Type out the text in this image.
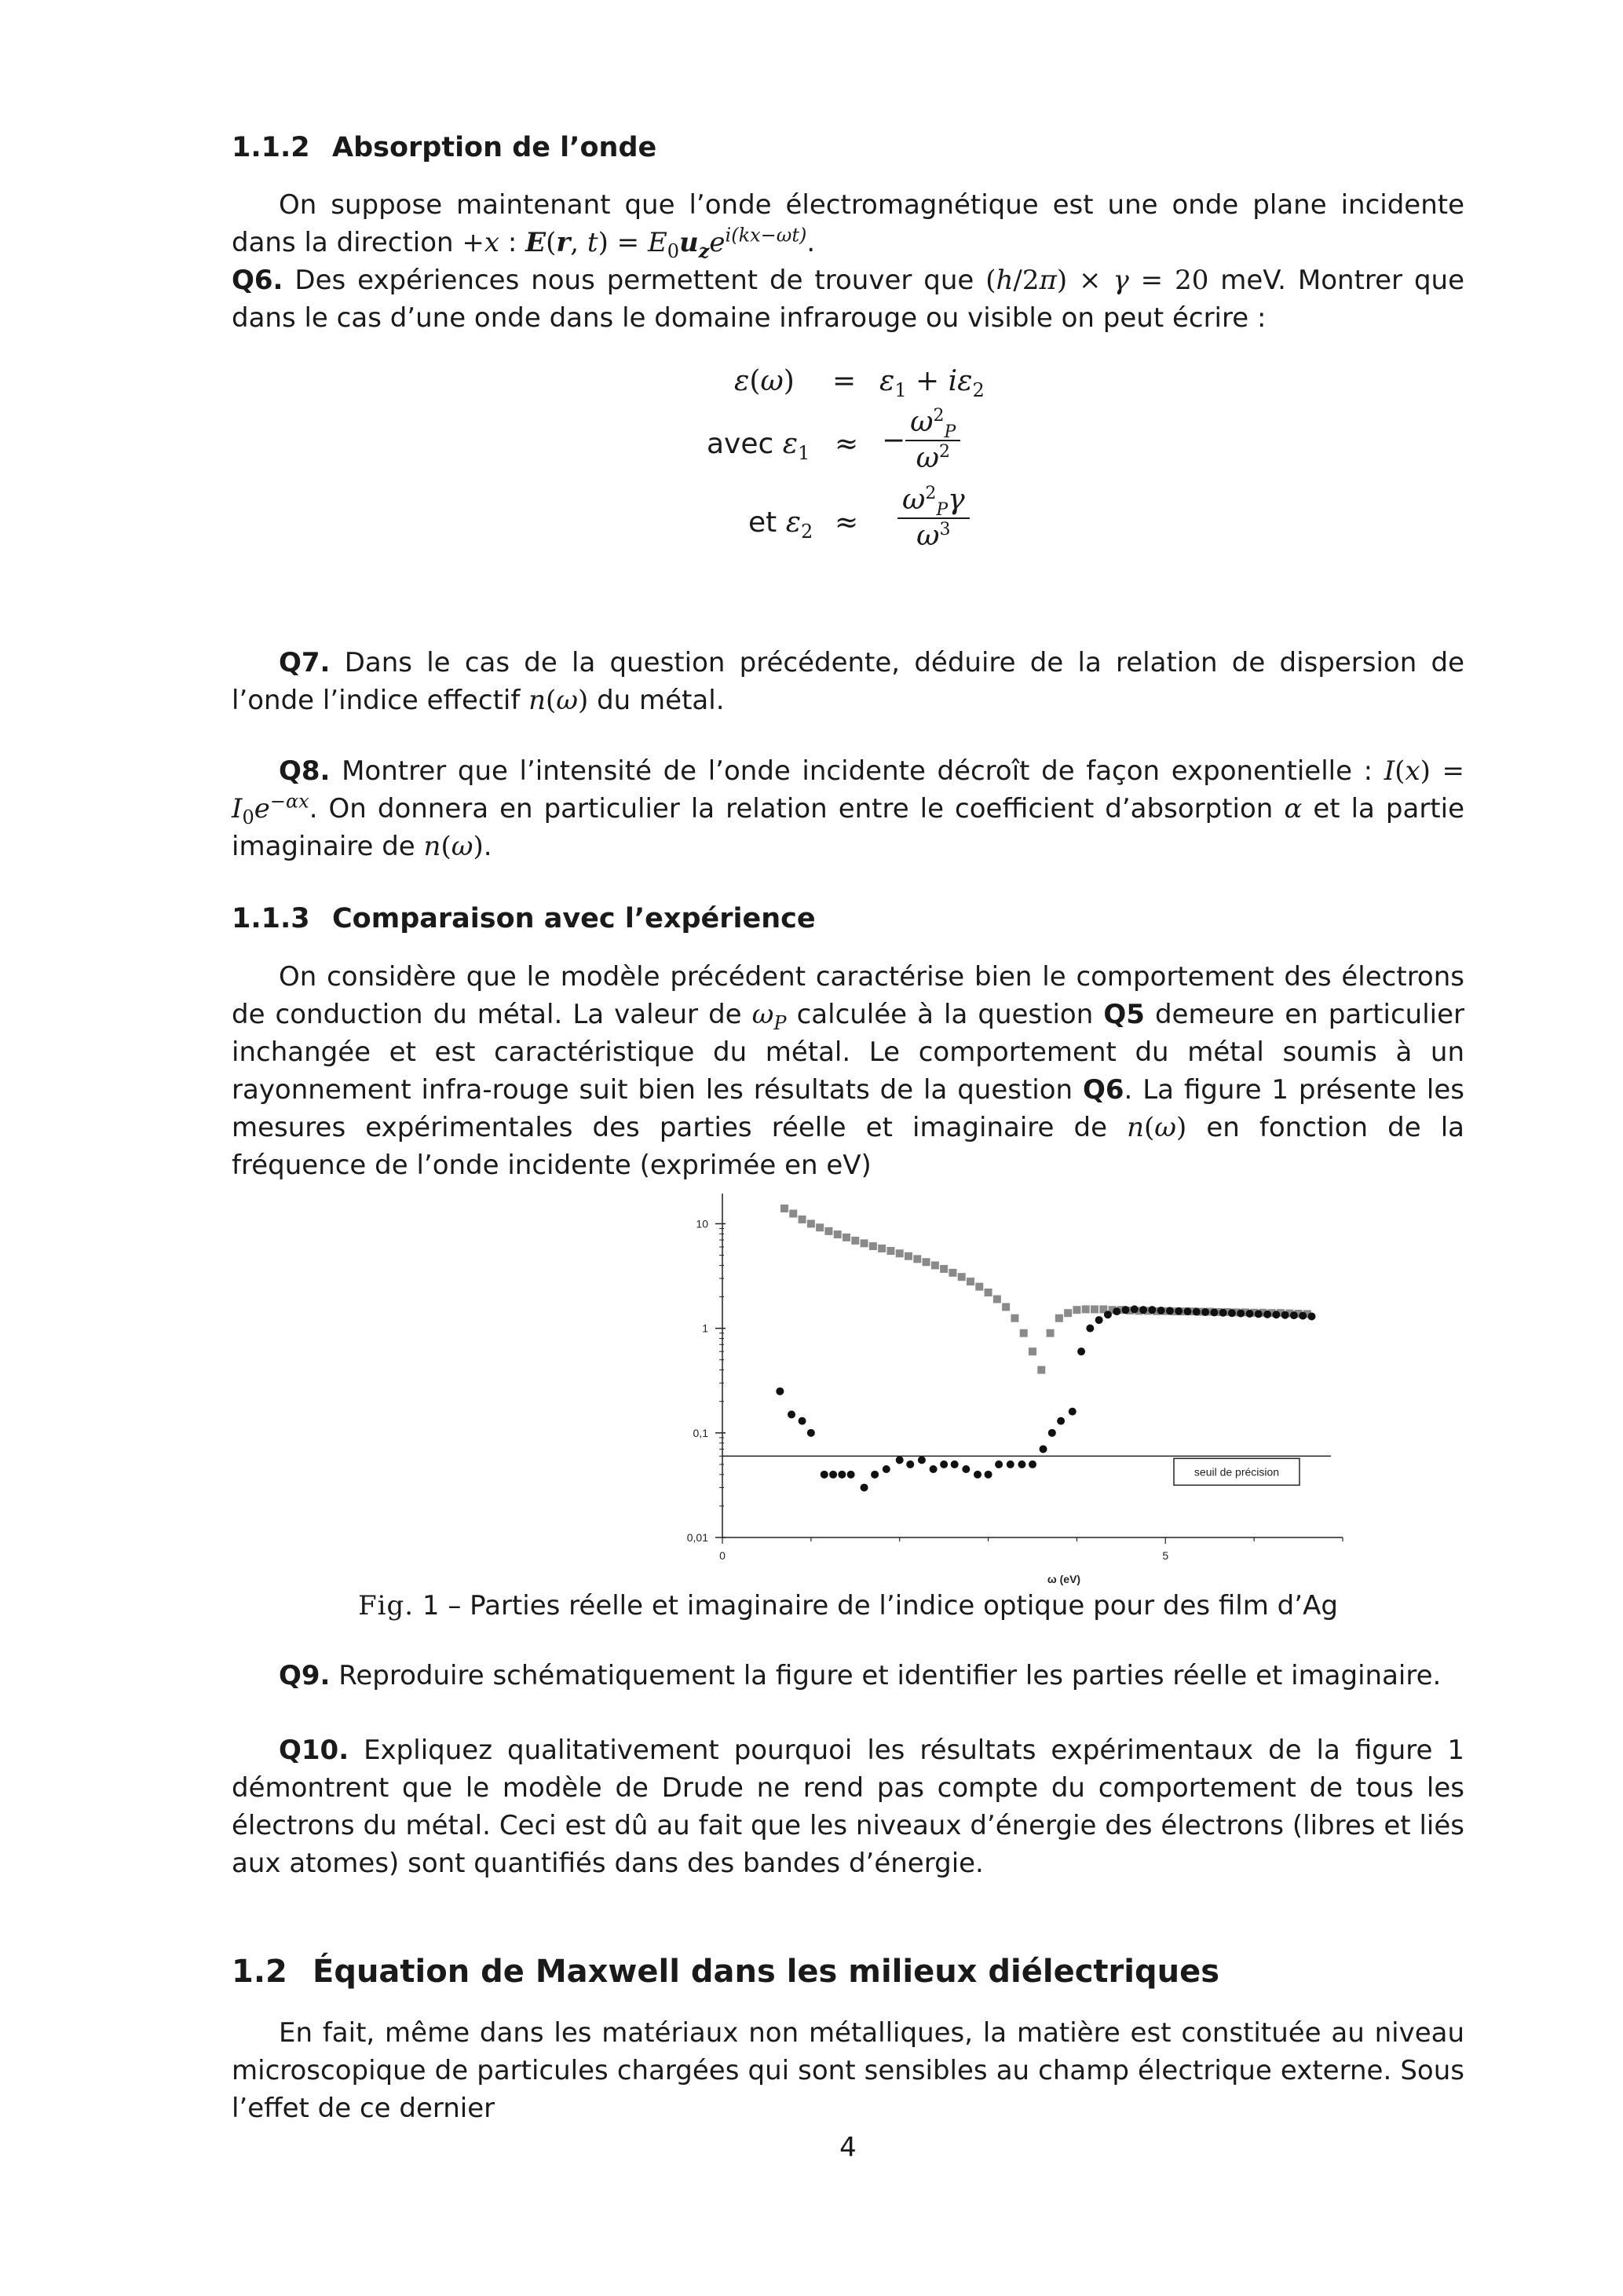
1.1.2 Absorption de l’onde

On suppose maintenant que l’onde électromagnétique est une onde plane incidente dans la direction +x : E(r, $t) = E_0u_ze^{i(kx-\omega t)}$.

Q6. Des expériences nous permettent de trouver que (h/2π) × γ = 20 meV. Montrer que dans le cas d’une onde dans le domaine infrarouge ou visible on peut écrire :

$\varepsilon(\omega) = \varepsilon_1 + i\varepsilon_2$
avec $\varepsilon_1$ ≈ − $\frac{\omega^2_P}{\omega^2}$
et $\varepsilon_2 \approx \frac{\omega^2_P\gamma}{\omega^3}$

Q7. Dans le cas de la question précédente, déduire de la relation de dispersion de l’onde l’indice effectif n(ω) du métal.

Q8. Montrer que l’intensité de l’onde incidente décroît de façon exponentielle : $I(x) = I_0e^{-\alpha x}$. On donnera en particulier la relation entre le coefficient d’absorption α et la partie imaginaire de n(ω).

1.1.3 Comparaison avec l’expérience

On considère que le modèle précédent caractérise bien le comportement des électrons de conduction du métal. La valeur de $\omega_P$ calculée à la question Q5 demeure en particulier inchangée et est caractéristique du métal. Le comportement du métal soumis à un rayonnement infra-rouge suit bien les résultats de la question Q6. La figure 1 présente les mesures expérimentales des parties réelle et imaginaire de n(ω) en fonction de la fréquence de l’onde incidente (exprimée en eV)

10
1
0,1
0,01
0	5
ω (eV)
seuil de précision
Fig. 1 – Parties réelle et imaginaire de l’indice optique pour des film d’Ag

Q9. Reproduire schématiquement la figure et identifier les parties réelle et imaginaire.

Q10. Expliquez qualitativement pourquoi les résultats expérimentaux de la figure 1 démontrent que le modèle de Drude ne rend pas compte du comportement de tous les électrons du métal. Ceci est dû au fait que les niveaux d’énergie des électrons (libres et liés aux atomes) sont quantifiés dans des bandes d’énergie.

1.2 Équation de Maxwell dans les milieux diélectriques

En fait, même dans les matériaux non métalliques, la matière est constituée au niveau microscopique de particules chargées qui sont sensibles au champ électrique externe. Sous l’effet de ce dernier

4
